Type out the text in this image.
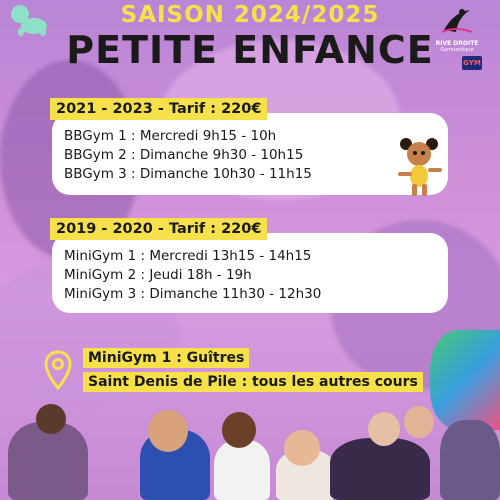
SAISON 2024/2025
PETITE ENFANCE RIVE DROITE
Gymnastique
GYM
2021 - 2023 - Tarif : 220€
BBGym 1 : Mercredi 9h15 - 10h
BBGym 2 : Dimanche 9h30 - 10h15
BBGym 3 : Dimanche 10h30 - 11h15
2019 - 2020 - Tarif : 220€
MiniGym 1 : Mercredi 13h15 - 14h15
MiniGym 2 : Jeudi 18h - 19h
MiniGym 3 : Dimanche 11h30 - 12h30
MiniGym 1 : Guîtres
Saint Denis de Pile : tous les autres cours
